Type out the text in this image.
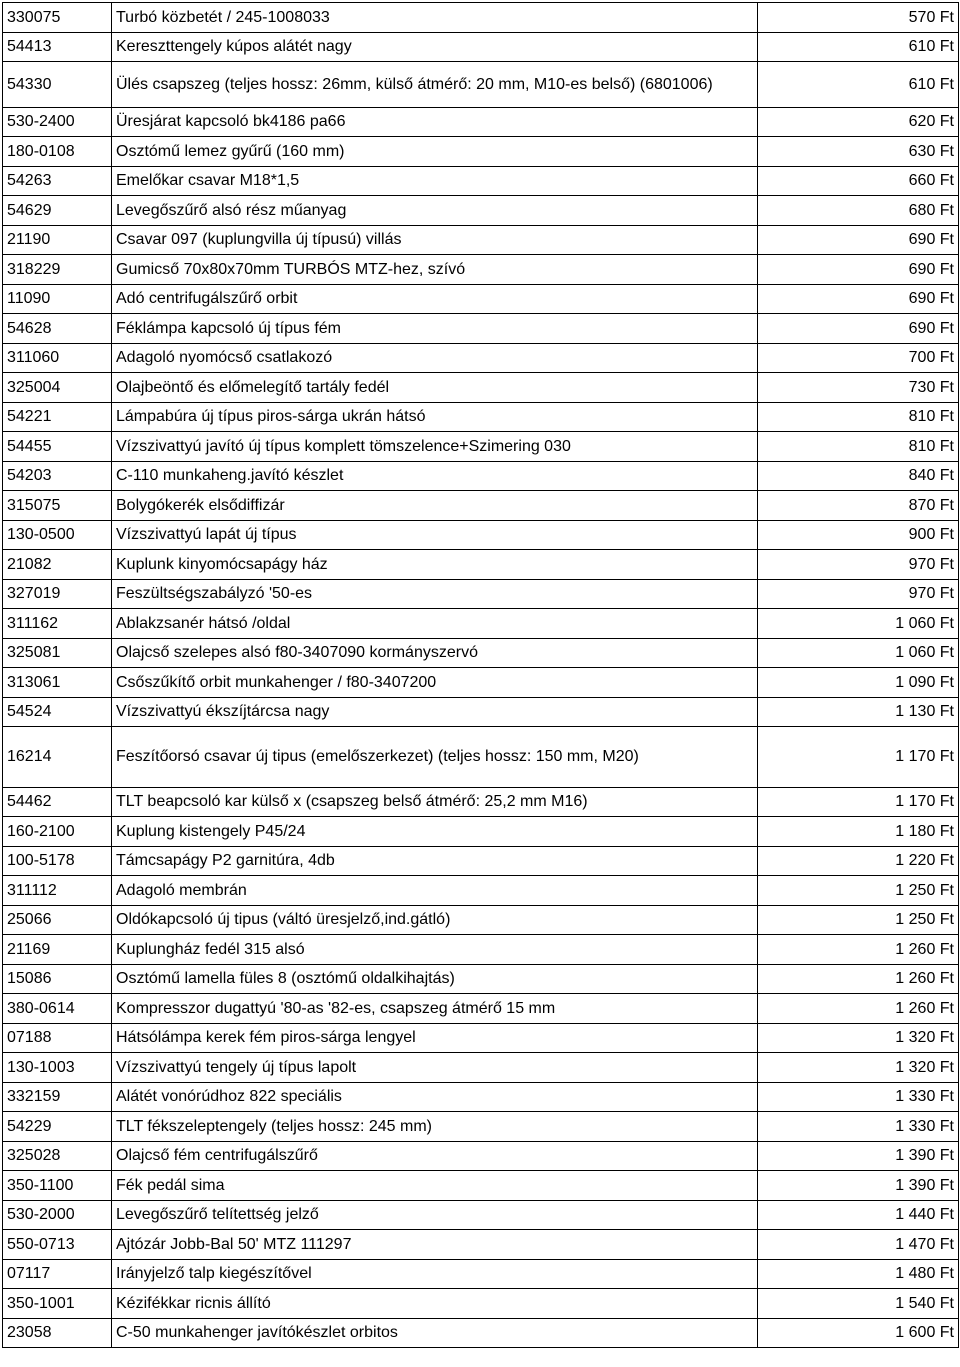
330075	Turbó közbetét / 245-1008033	570 Ft
54413	Kereszttengely kúpos alátét nagy	610 Ft
54330	Ülés csapszeg (teljes hossz: 26mm, külső átmérő: 20 mm, M10-es belső) (6801006)	610 Ft
530-2400	Üresjárat kapcsoló bk4186 pa66	620 Ft
180-0108	Osztómű lemez gyűrű (160 mm)	630 Ft
54263	Emelőkar csavar M18*1,5	660 Ft
54629	Levegőszűrő alsó rész műanyag	680 Ft
21190	Csavar 097 (kuplungvilla új típusú) villás	690 Ft
318229	Gumicső 70x80x70mm TURBÓS MTZ-hez, szívó	690 Ft
11090	Adó centrifugálszűrő orbit	690 Ft
54628	Féklámpa kapcsoló új típus fém	690 Ft
311060	Adagoló nyomócső csatlakozó	700 Ft
325004	Olajbeöntő és előmelegítő tartály fedél	730 Ft
54221	Lámpabúra új típus piros-sárga ukrán hátsó	810 Ft
54455	Vízszivattyú javító új típus komplett tömszelence+Szimering 030	810 Ft
54203	C-110 munkaheng.javító készlet	840 Ft
315075	Bolygókerék elsődiffizár	870 Ft
130-0500	Vízszivattyú lapát új típus	900 Ft
21082	Kuplunk kinyomócsapágy ház	970 Ft
327019	Feszültségszabályzó '50-es	970 Ft
311162	Ablakzsanér hátsó /oldal	1 060 Ft
325081	Olajcső szelepes alsó f80-3407090 kormányszervó	1 060 Ft
313061	Csőszűkítő orbit munkahenger / f80-3407200	1 090 Ft
54524	Vízszivattyú ékszíjtárcsa nagy	1 130 Ft
16214	Feszítőorsó csavar új tipus (emelőszerkezet) (teljes hossz: 150 mm, M20)	1 170 Ft
54462	TLT beapcsoló kar külső x (csapszeg belső átmérő: 25,2 mm M16)	1 170 Ft
160-2100	Kuplung kistengely P45/24	1 180 Ft
100-5178	Támcsapágy P2 garnitúra, 4db	1 220 Ft
311112	Adagoló membrán	1 250 Ft
25066	Oldókapcsoló új tipus (váltó üresjelző,ind.gátló)	1 250 Ft
21169	Kuplungház fedél 315 alsó	1 260 Ft
15086	Osztómű lamella füles 8 (osztómű oldalkihajtás)	1 260 Ft
380-0614	Kompresszor dugattyú '80-as '82-es, csapszeg átmérő 15 mm	1 260 Ft
07188	Hátsólámpa kerek fém piros-sárga lengyel	1 320 Ft
130-1003	Vízszivattyú tengely új típus lapolt	1 320 Ft
332159	Alátét vonórúdhoz 822 speciális	1 330 Ft
54229	TLT fékszeleptengely (teljes hossz: 245 mm)	1 330 Ft
325028	Olajcső fém centrifugálszűrő	1 390 Ft
350-1100	Fék pedál sima	1 390 Ft
530-2000	Levegőszűrő telítettség jelző	1 440 Ft
550-0713	Ajtózár Jobb-Bal 50' MTZ 111297	1 470 Ft
07117	Irányjelző talp kiegészítővel	1 480 Ft
350-1001	Kézifékkar ricnis állító	1 540 Ft
23058	C-50 munkahenger javítókészlet orbitos	1 600 Ft
